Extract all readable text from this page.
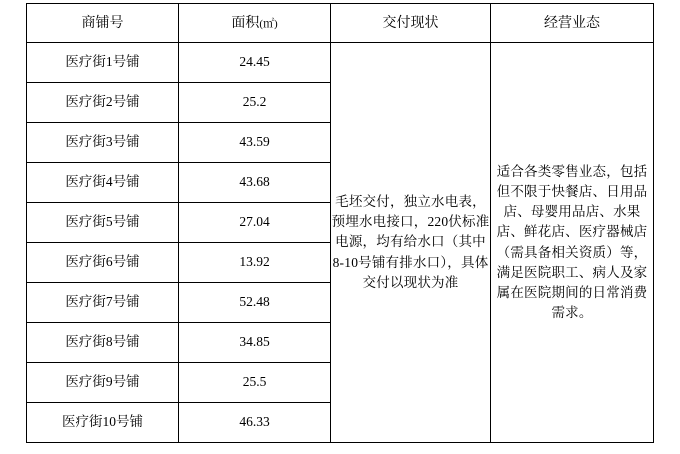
商铺号	面积(㎡)	交付现状	经营业态
医疗街1号铺	24.45	毛坯交付，独立水电表，预埋水电接口，220伏标准电源，均有给水口（其中8-10号铺有排水口），具体交付以现状为准	适合各类零售业态，包括但不限于快餐店、日用品店、母婴用品店、水果店、鲜花店、医疗器械店（需具备相关资质）等，满足医院职工、病人及家属在医院期间的日常消费需求。
医疗街2号铺	25.2		
医疗街3号铺	43.59		
医疗街4号铺	43.68		
医疗街5号铺	27.04		
医疗街6号铺	13.92		
医疗街7号铺	52.48		
医疗街8号铺	34.85		
医疗街9号铺	25.5		
医疗街10号铺	46.33		
